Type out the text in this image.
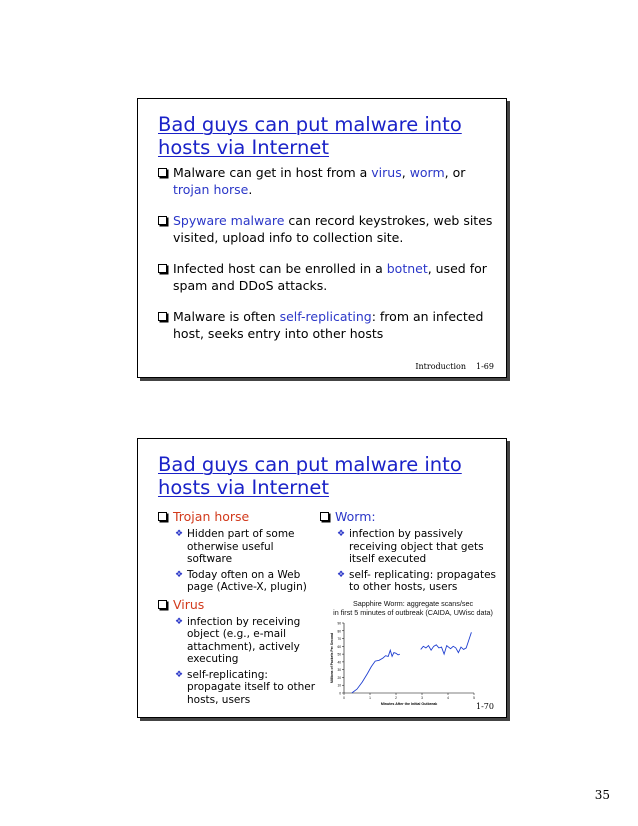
Bad guys can put malware into hosts via Internet
Malware can get in host from a virus, worm, or trojan horse.
Spyware malware can record keystrokes, web sites visited, upload info to collection site.
Infected host can be enrolled in a botnet, used for spam and DDoS attacks.
Malware is often self-replicating: from an infected host, seeks entry into other hosts
Introduction 1-69
Bad guys can put malware into hosts via Internet
Trojan horse
❖ Hidden part of some otherwise useful software
❖ Today often on a Web page (Active-X, plugin)
Virus
❖ infection by receiving object (e.g., e-mail attachment), actively executing
❖ self-replicating: propagate itself to other hosts, users
Worm:
❖ infection by passively receiving object that gets itself executed
❖ self- replicating: propagates to other hosts, users
Sapphire Worm: aggregate scans/sec
in first 5 minutes of outbreak (CAIDA, UWisc data)
0
10
20
30
40
50
60
70
80
90
0	1	2	3	4	5
Minutes After the Initial Outbreak
Millions of Packets Per Second
1-70
35
